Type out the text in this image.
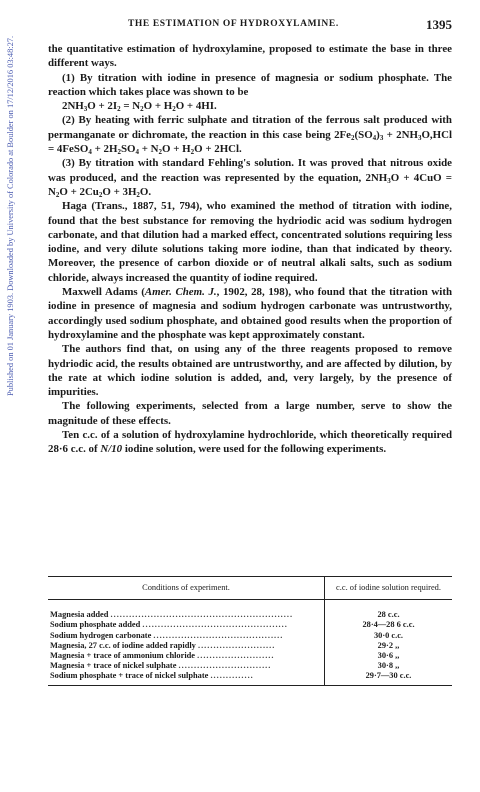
Published on 01 January 1903. Downloaded by University of Colorado at Boulder on 17/12/2016 03:48:27.
THE ESTIMATION OF HYDROXYLAMINE.	1395

the quantitative estimation of hydroxylamine, proposed to estimate the base in three different ways.

(1) By titration with iodine in presence of magnesia or sodium phosphate. The reaction which takes place was shown to be
$2NH_3O + 2I_2 = N_2O + H_2O + 4HI$.

(2) By heating with ferric sulphate and titration of the ferrous salt produced with permanganate or dichromate, the reaction in this case being $2Fe_2(SO_4)_3 + 2NH_3O,HCl$ = 4FeSO$_4$ + $2H_2SO_4 + N_2O + H_2O + 2HCl$.

(3) By titration with standard Fehling's solution. It was proved that nitrous oxide was produced, and the reaction was represented by the equation, $2NH_3O + 4CuO = N_2O + 2Cu_2O + 3H_2O$.

Haga (Trans., 1887, 51, 794), who examined the method of titration with iodine, found that the best substance for removing the hydriodic acid was sodium hydrogen carbonate, and that dilution had a marked effect, concentrated solutions requiring less iodine, and very dilute solutions taking more iodine, than that indicated by theory. Moreover, the presence of carbon dioxide or of neutral alkali salts, such as sodium chloride, always increased the quantity of iodine required.

Maxwell Adams (Amer. Chem. J., 1902, 28, 198), who found that the titration with iodine in presence of magnesia and sodium hydrogen carbonate was untrustworthy, accordingly used sodium phosphate, and obtained good results when the proportion of hydroxylamine and the phosphate was kept approximately constant.

The authors find that, on using any of the three reagents proposed to remove hydriodic acid, the results obtained are untrustworthy, and are affected by dilution, by the rate at which iodine solution is added, and, very largely, by the presence of impurities.

The following experiments, selected from a large number, serve to show the magnitude of these effects.

Ten c.c. of a solution of hydroxylamine hydrochloride, which theoretically required 28·6 c.c. of N/10 iodine solution, were used for the following experiments.

Conditions of experiment.	c.c. of iodine solution required.

Magnesia added ...........................................................	28 c.c.
Sodium phosphate added ...............................................	28·4—28 6 c.c.
Sodium hydrogen carbonate ..........................................	30·0 c.c.
Magnesia, 27 c.c. of iodine added rapidly .........................	29·2 ,,
Magnesia + trace of ammonium chloride .........................	30·6 ,,
Magnesia + trace of nickel sulphate ..............................	30·8 ,,
Sodium phosphate + trace of nickel sulphate ..............	29·7—30 c.c.
